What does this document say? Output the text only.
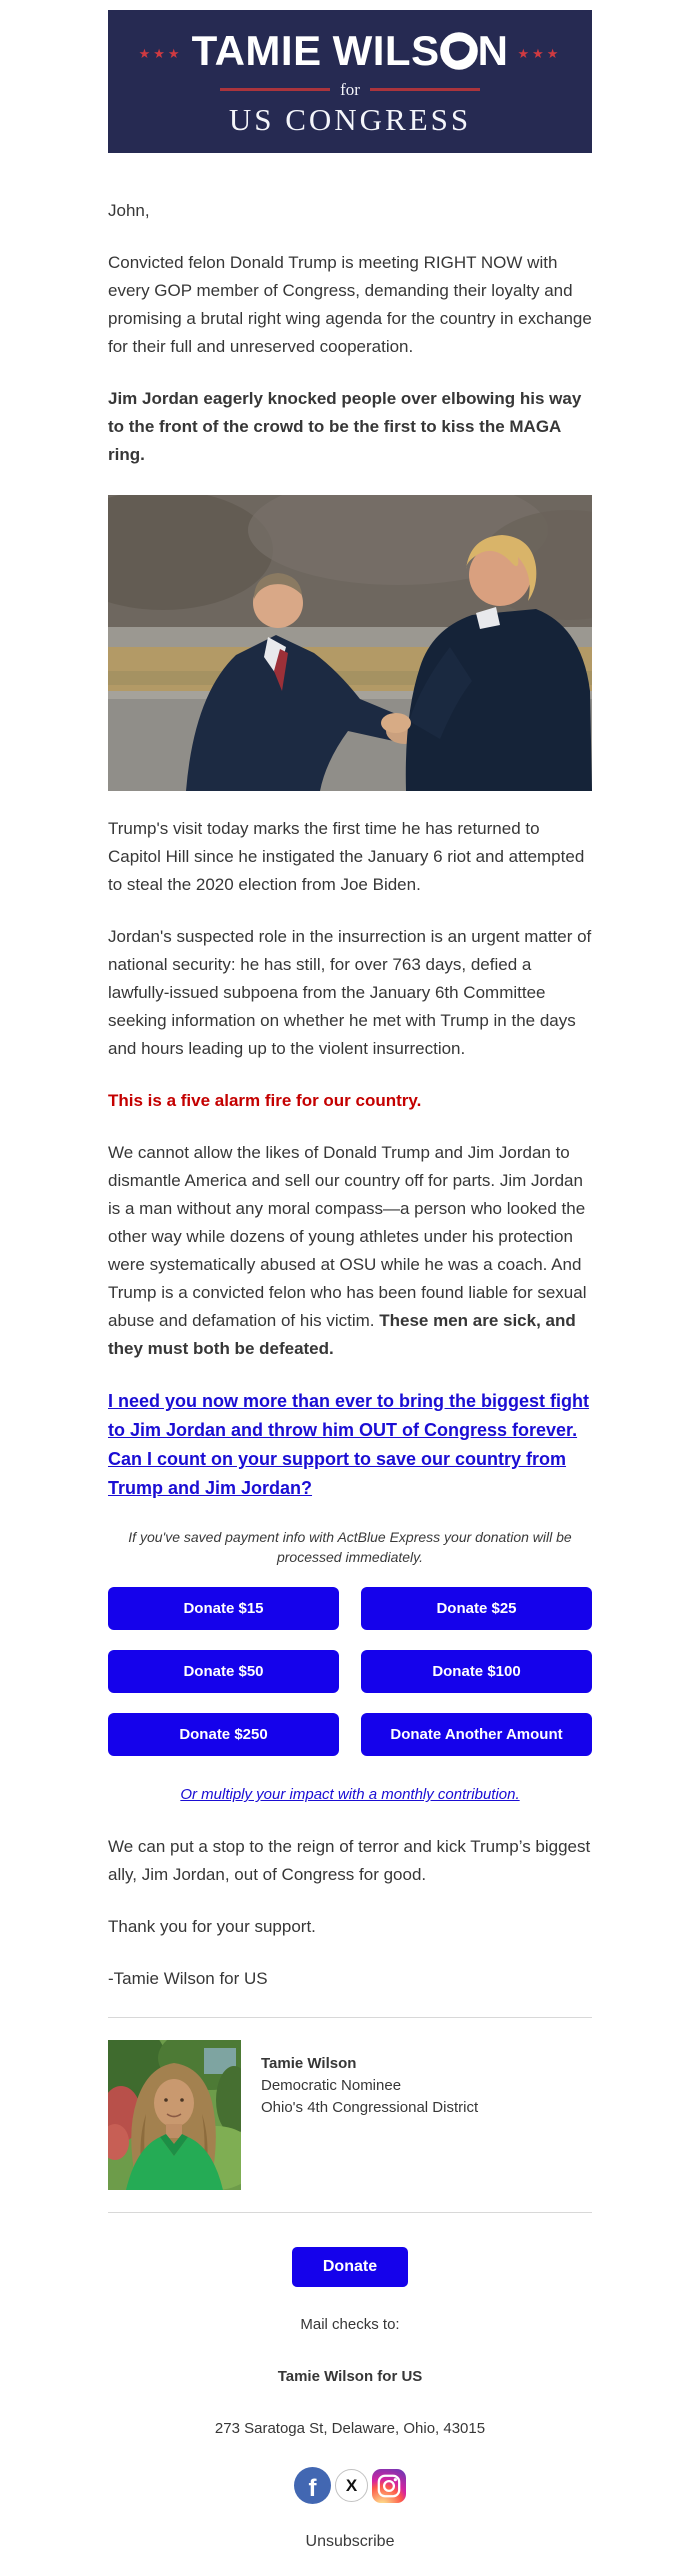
★★★ TAMIE WILS N ★★★
for
US CONGRESS

John,

Convicted felon Donald Trump is meeting RIGHT NOW with every GOP member of Congress, demanding their loyalty and promising a brutal right wing agenda for the country in exchange for their full and unreserved cooperation.

Jim Jordan eagerly knocked people over elbowing his way to the front of the crowd to be the first to kiss the MAGA ring.

Trump's visit today marks the first time he has returned to Capitol Hill since he instigated the January 6 riot and attempted to steal the 2020 election from Joe Biden.

Jordan's suspected role in the insurrection is an urgent matter of national security: he has still, for over 763 days, defied a lawfully-issued subpoena from the January 6th Committee seeking information on whether he met with Trump in the days and hours leading up to the violent insurrection.

This is a five alarm fire for our country.

We cannot allow the likes of Donald Trump and Jim Jordan to dismantle America and sell our country off for parts. Jim Jordan is a man without any moral compass—a person who looked the other way while dozens of young athletes under his protection were systematically abused at OSU while he was a coach. And Trump is a convicted felon who has been found liable for sexual abuse and defamation of his victim. These men are sick, and they must both be defeated.

I need you now more than ever to bring the biggest fight to Jim Jordan and throw him OUT of Congress forever. Can I count on your support to save our country from Trump and Jim Jordan?

If you've saved payment info with ActBlue Express your donation will be processed immediately.

Donate $15	Donate $25
Donate $50	Donate $100
Donate $250	Donate Another Amount

Or multiply your impact with a monthly contribution.

We can put a stop to the reign of terror and kick Trump’s biggest ally, Jim Jordan, out of Congress for good.

Thank you for your support.

-Tamie Wilson for US

Tamie Wilson
Democratic Nominee
Ohio's 4th Congressional District
Donate

Mail checks to:

Tamie Wilson for US

273 Saratoga St, Delaware, Ohio, 43015

f	X
Unsubscribe
